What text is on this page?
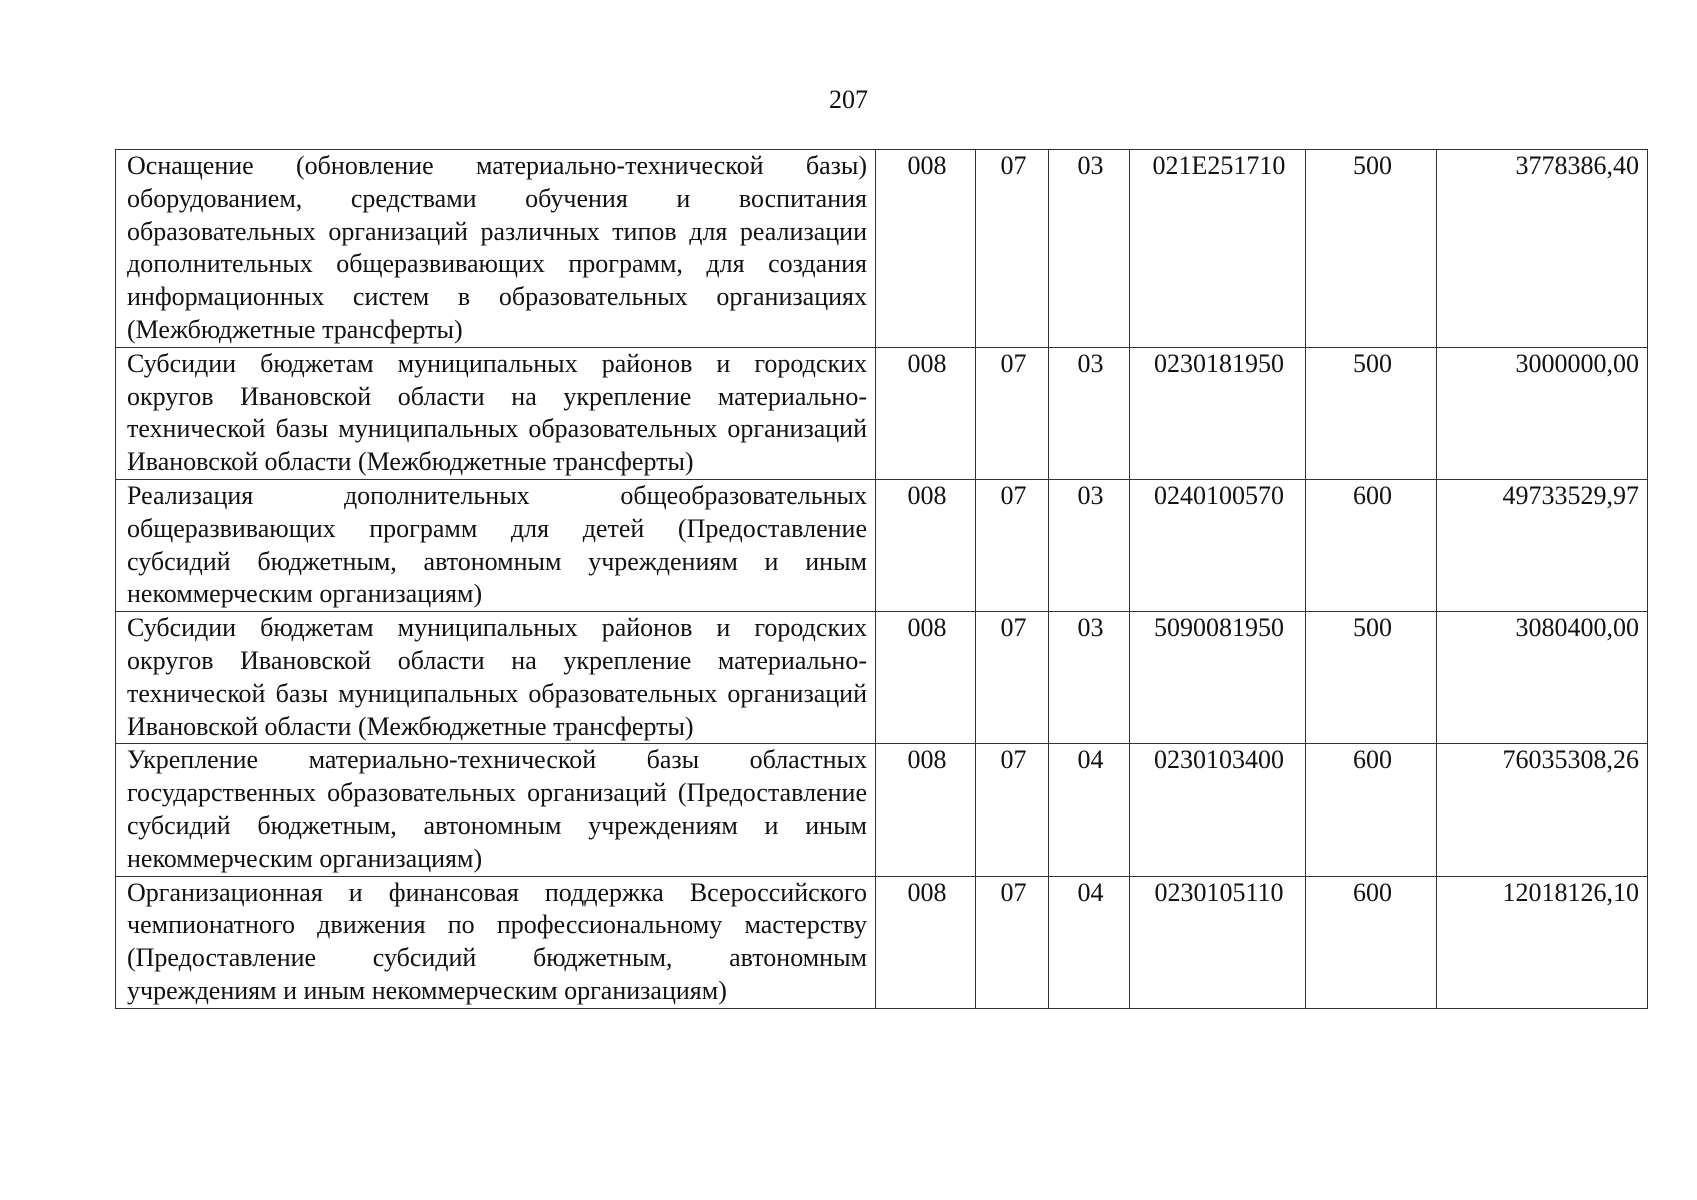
207
Оснащение (обновление материально-технической базы) оборудованием, средствами обучения и воспитания образовательных организаций различных типов для реализации дополнительных общеразвивающих программ, для создания информационных систем в образовательных организациях (Межбюджетные трансферты)	008	07	03	021E251710	500	3778386,40
Субсидии бюджетам муниципальных районов и городских округов Ивановской области на укрепление материально-технической базы муниципальных образовательных организаций Ивановской области (Межбюджетные трансферты)	008	07	03	0230181950	500	3000000,00
Реализация дополнительных общеобразовательных общеразвивающих программ для детей (Предоставление субсидий бюджетным, автономным учреждениям и иным некоммерческим организациям)	008	07	03	0240100570	600	49733529,97
Субсидии бюджетам муниципальных районов и городских округов Ивановской области на укрепление материально-технической базы муниципальных образовательных организаций Ивановской области (Межбюджетные трансферты)	008	07	03	5090081950	500	3080400,00
Укрепление материально-технической базы областных государственных образовательных организаций (Предоставление субсидий бюджетным, автономным учреждениям и иным некоммерческим организациям)	008	07	04	0230103400	600	76035308,26
Организационная и финансовая поддержка Всероссийского чемпионатного движения по профессиональному мастерству (Предоставление субсидий бюджетным, автономным учреждениям и иным некоммерческим организациям)	008	07	04	0230105110	600	12018126,10
